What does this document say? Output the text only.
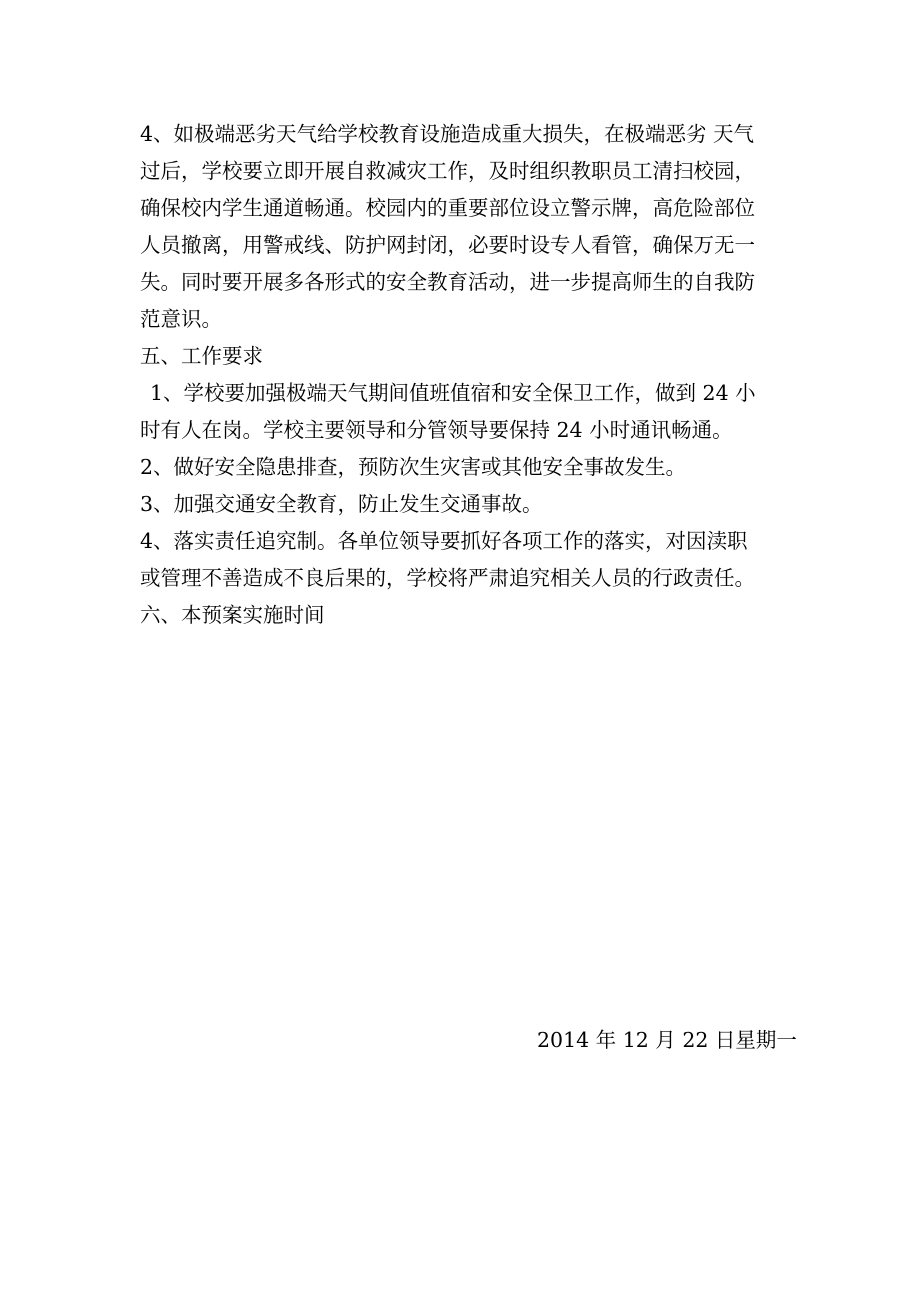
4、如极端恶劣天气给学校教育设施造成重大损失，在极端恶劣 天气
过后，学校要立即开展自救减灾工作，及时组织教职员工清扫校园，
确保校内学生通道畅通。校园内的重要部位设立警示牌，高危险部位
人员撤离，用警戒线、防护网封闭，必要时设专人看管，确保万无一
失。同时要开展多各形式的安全教育活动，进一步提高师生的自我防
范意识。
五、工作要求
1、学校要加强极端天气期间值班值宿和安全保卫工作，做到 24 小
时有人在岗。学校主要领导和分管领导要保持 24 小时通讯畅通。
2、做好安全隐患排查，预防次生灾害或其他安全事故发生。
3、加强交通安全教育，防止发生交通事故。
4、落实责任追究制。各单位领导要抓好各项工作的落实，对因渎职
或管理不善造成不良后果的，学校将严肃追究相关人员的行政责任。
六、本预案实施时间
2014 年 12 月 22 日星期一
